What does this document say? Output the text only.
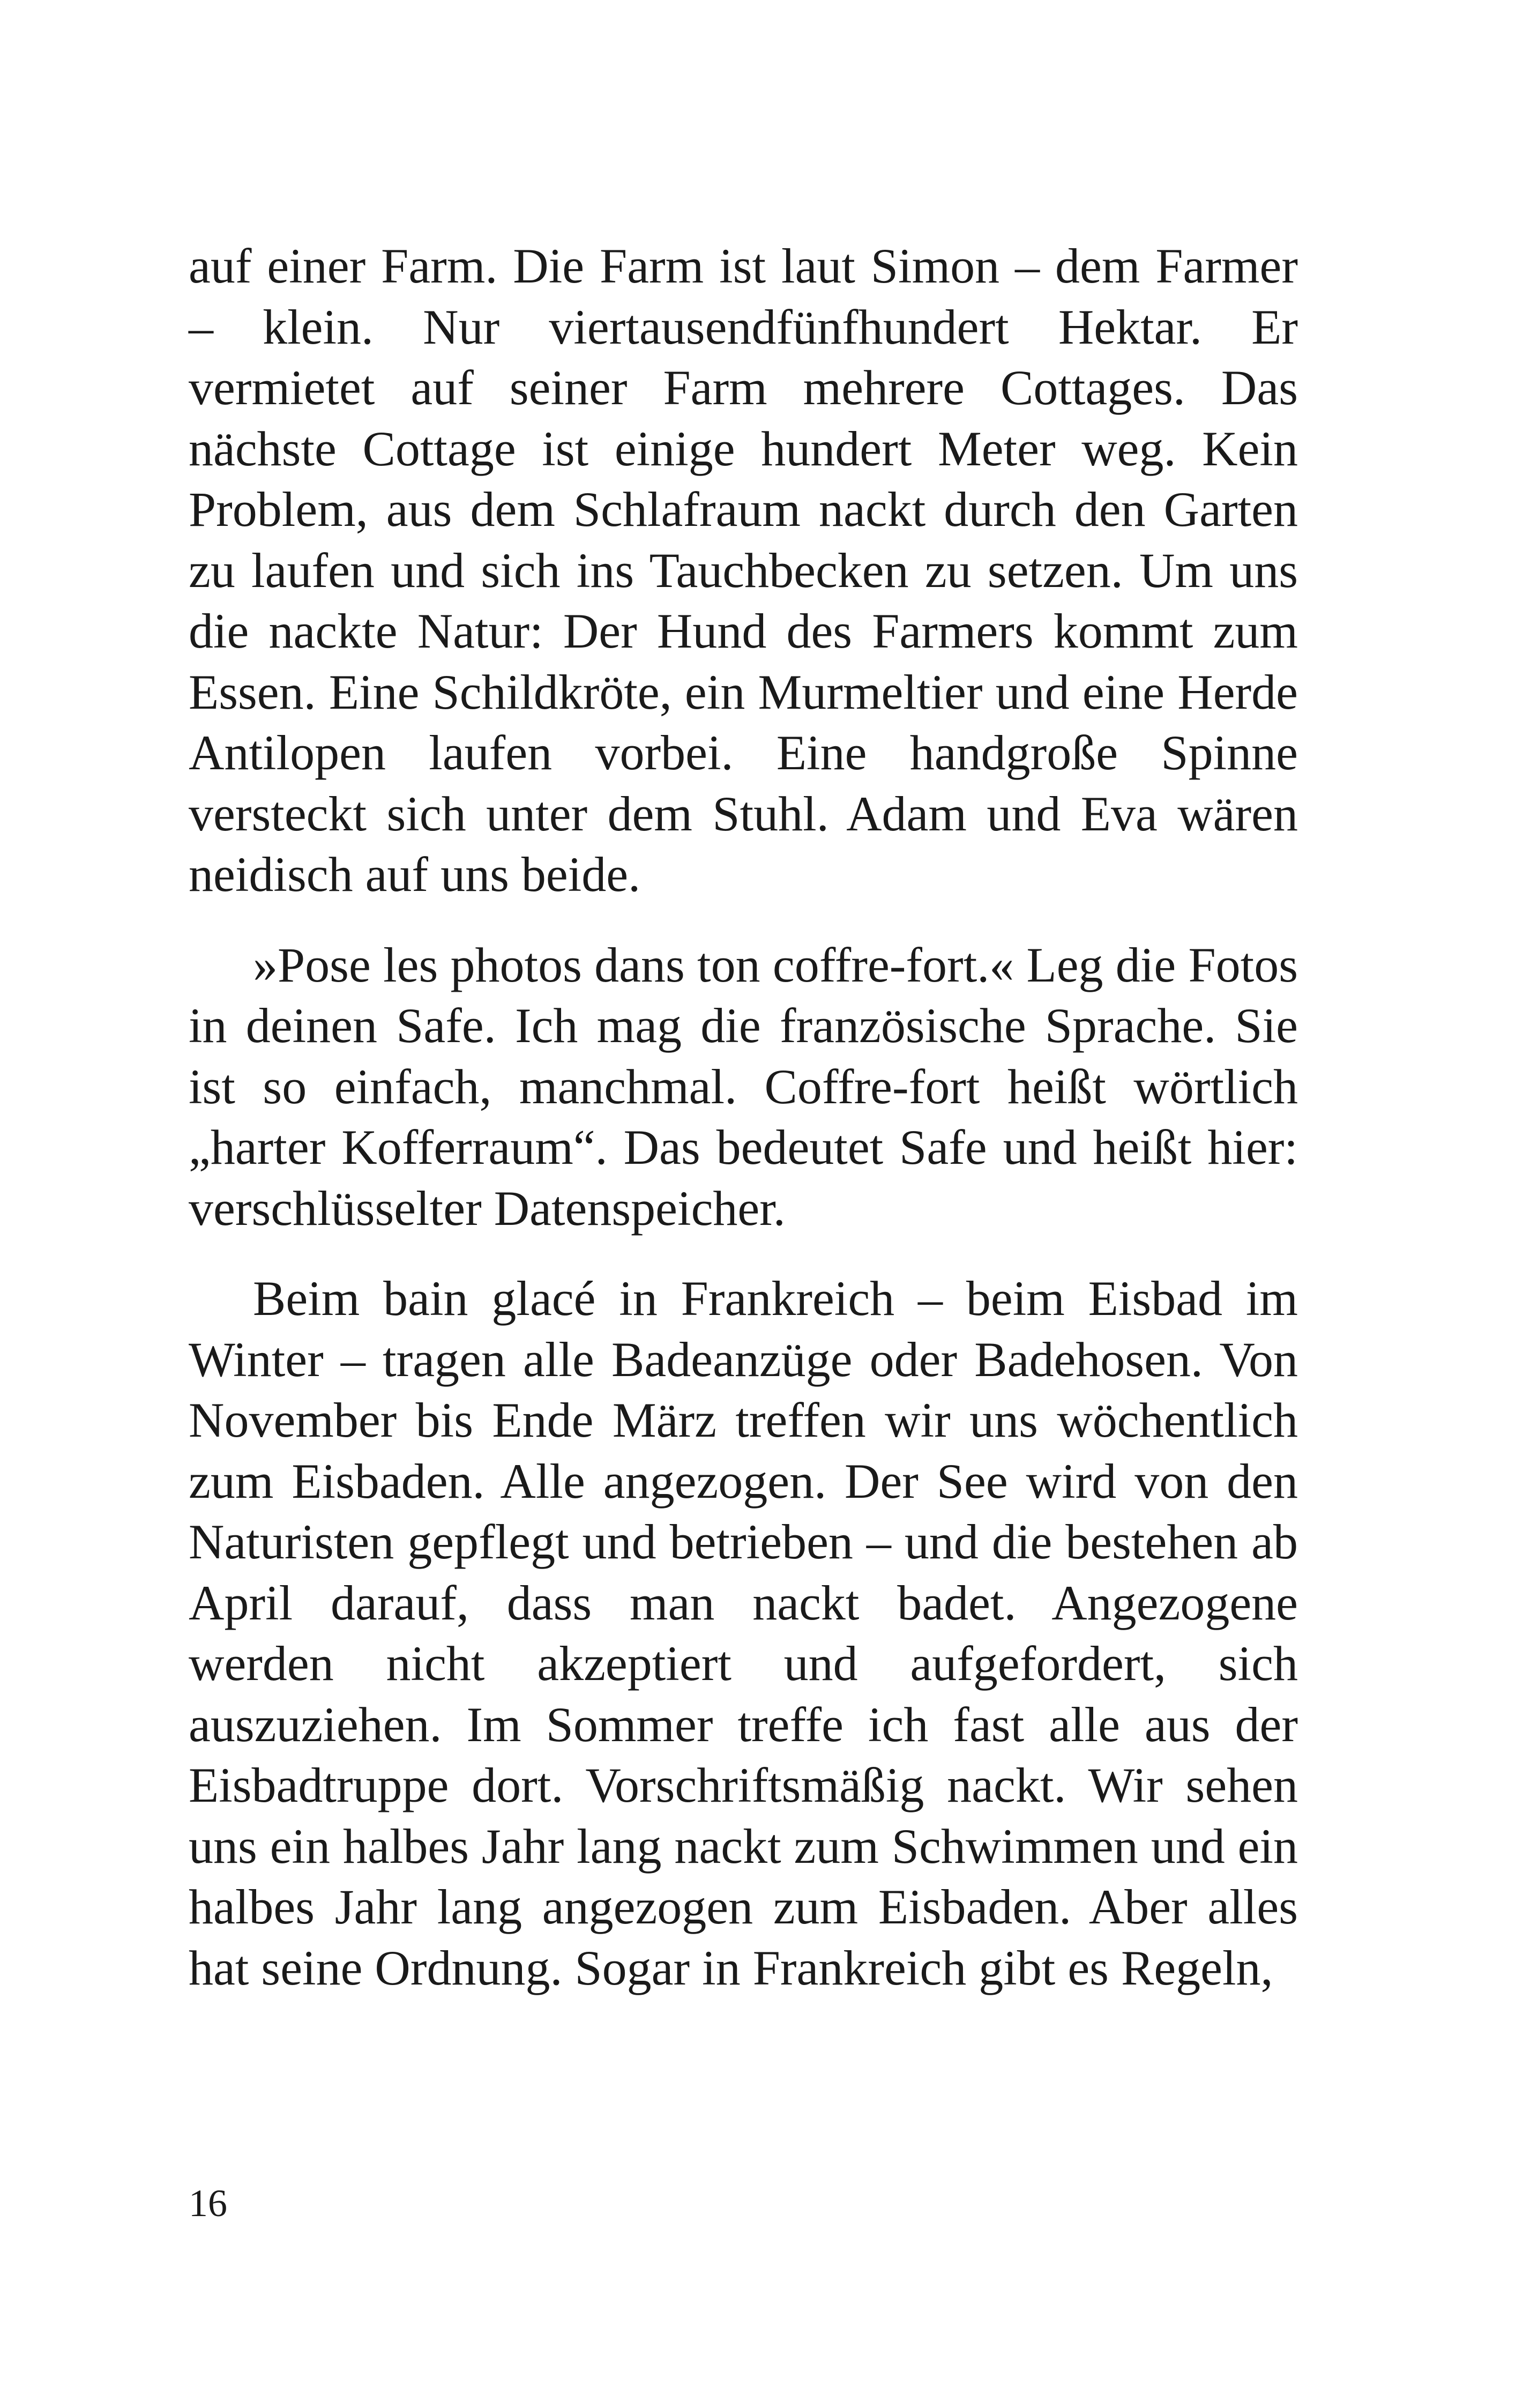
auf einer Farm. Die Farm ist laut Simon – dem Farmer – klein. Nur viertausendfünfhundert Hektar. Er vermietet auf seiner Farm mehrere Cottages. Das nächste Cottage ist einige hundert Meter weg. Kein Problem, aus dem Schlafraum nackt durch den Garten zu laufen und sich ins Tauchbecken zu setzen. Um uns die nackte Natur: Der Hund des Farmers kommt zum Essen. Eine Schildkröte, ein Murmeltier und eine Herde Antilopen laufen vorbei. Eine handgroße Spinne versteckt sich unter dem Stuhl. Adam und Eva wären neidisch auf uns beide.

»Pose les photos dans ton coffre-fort.« Leg die Fotos in deinen Safe. Ich mag die französische Sprache. Sie ist so einfach, manchmal. Coffre-fort heißt wörtlich „harter Kofferraum“. Das bedeutet Safe und heißt hier: verschlüsselter Datenspeicher.

Beim bain glacé in Frankreich – beim Eisbad im Winter – tragen alle Badeanzüge oder Badehosen. Von November bis Ende März treffen wir uns wöchentlich zum Eisbaden. Alle angezogen. Der See wird von den Naturisten gepflegt und betrieben – und die bestehen ab April darauf, dass man nackt badet. Angezogene werden nicht akzeptiert und aufgefordert, sich auszuziehen. Im Sommer treffe ich fast alle aus der Eisbadtruppe dort. Vorschriftsmäßig nackt. Wir sehen uns ein halbes Jahr lang nackt zum Schwimmen und ein halbes Jahr lang angezogen zum Eisbaden. Aber alles hat seine Ordnung. Sogar in Frankreich gibt es Regeln,

16
